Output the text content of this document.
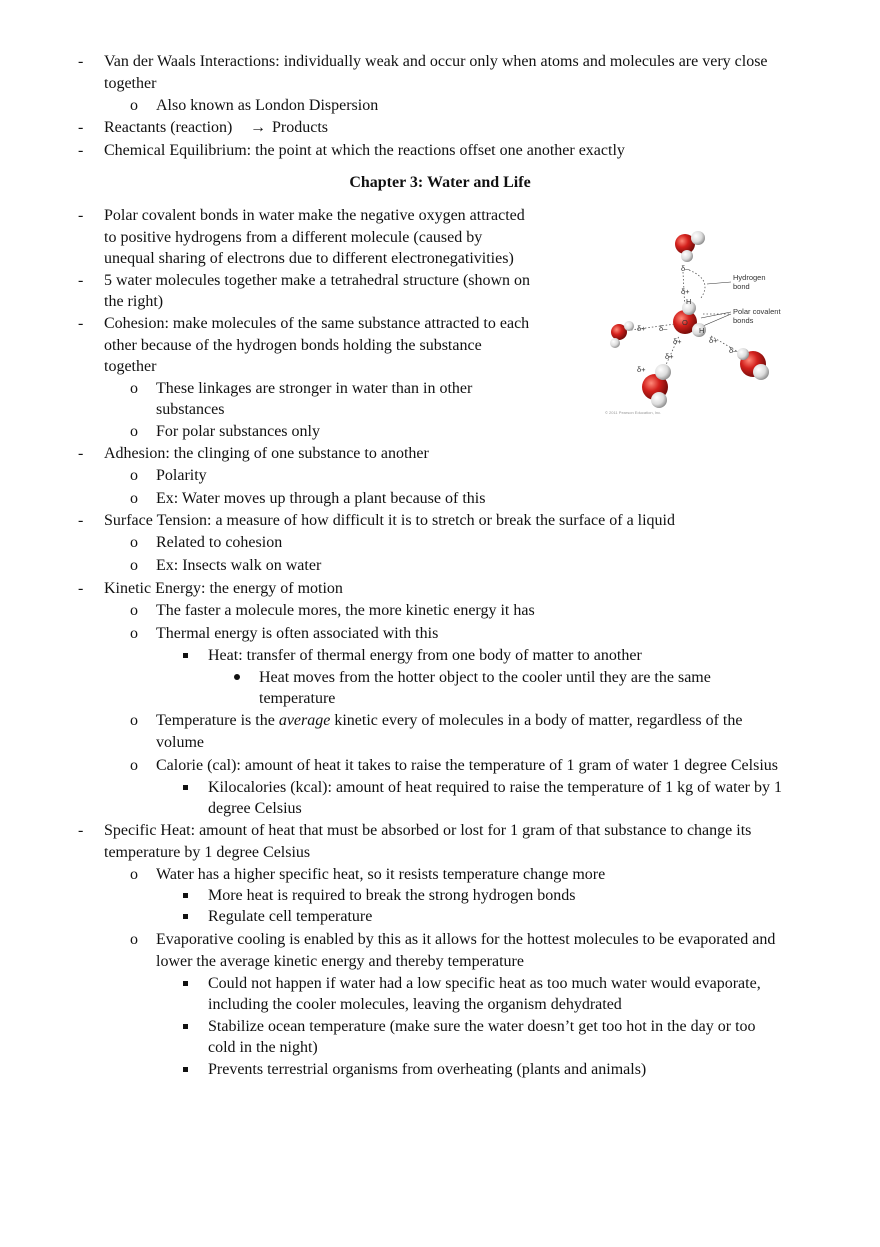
- Van der Waals Interactions: individually weak and occur only when atoms and molecules are very close
together
o Also known as London Dispersion
- Reactants (reaction) → Products
- Chemical Equilibrium: the point at which the reactions offset one another exactly
Chapter 3: Water and Life
- Polar covalent bonds in water make the negative oxygen attracted
to positive hydrogens from a different molecule (caused by
unequal sharing of electrons due to different electronegativities)
- 5 water molecules together make a tetrahedral structure (shown on
the right)
- Cohesion: make molecules of the same substance attracted to each
other because of the hydrogen bonds holding the substance
together
o These linkages are stronger in water than in other
substances
o For polar substances only
- Adhesion: the clinging of one substance to another
o Polarity
o Ex: Water moves up through a plant because of this
- Surface Tension: a measure of how difficult it is to stretch or break the surface of a liquid
o Related to cohesion
o Ex: Insects walk on water
- Kinetic Energy: the energy of motion
o The faster a molecule mores, the more kinetic energy it has
o Thermal energy is often associated with this
Heat: transfer of thermal energy from one body of matter to another
Heat moves from the hotter object to the cooler until they are the same
temperature
o Temperature is the average kinetic every of molecules in a body of matter, regardless of the
volume
o Calorie (cal): amount of heat it takes to raise the temperature of 1 gram of water 1 degree Celsius
Kilocalories (kcal): amount of heat required to raise the temperature of 1 kg of water by 1
degree Celsius
- Specific Heat: amount of heat that must be absorbed or lost for 1 gram of that substance to change its
temperature by 1 degree Celsius
o Water has a higher specific heat, so it resists temperature change more
More heat is required to break the strong hydrogen bonds
Regulate cell temperature
o Evaporative cooling is enabled by this as it allows for the hottest molecules to be evaporated and
lower the average kinetic energy and thereby temperature
Could not happen if water had a low specific heat as too much water would evaporate,
including the cooler molecules, leaving the organism dehydrated
Stabilize ocean temperature (make sure the water doesn’t get too hot in the day or too
cold in the night)
Prevents terrestrial organisms from overheating (plants and animals)
Hydrogen
bond
Polar covalent
bonds
δ–
δ+
H
O
H
δ–
δ+
δ+
δ+
δ+
δ–
δ+
© 2011 Pearson Education, Inc.
